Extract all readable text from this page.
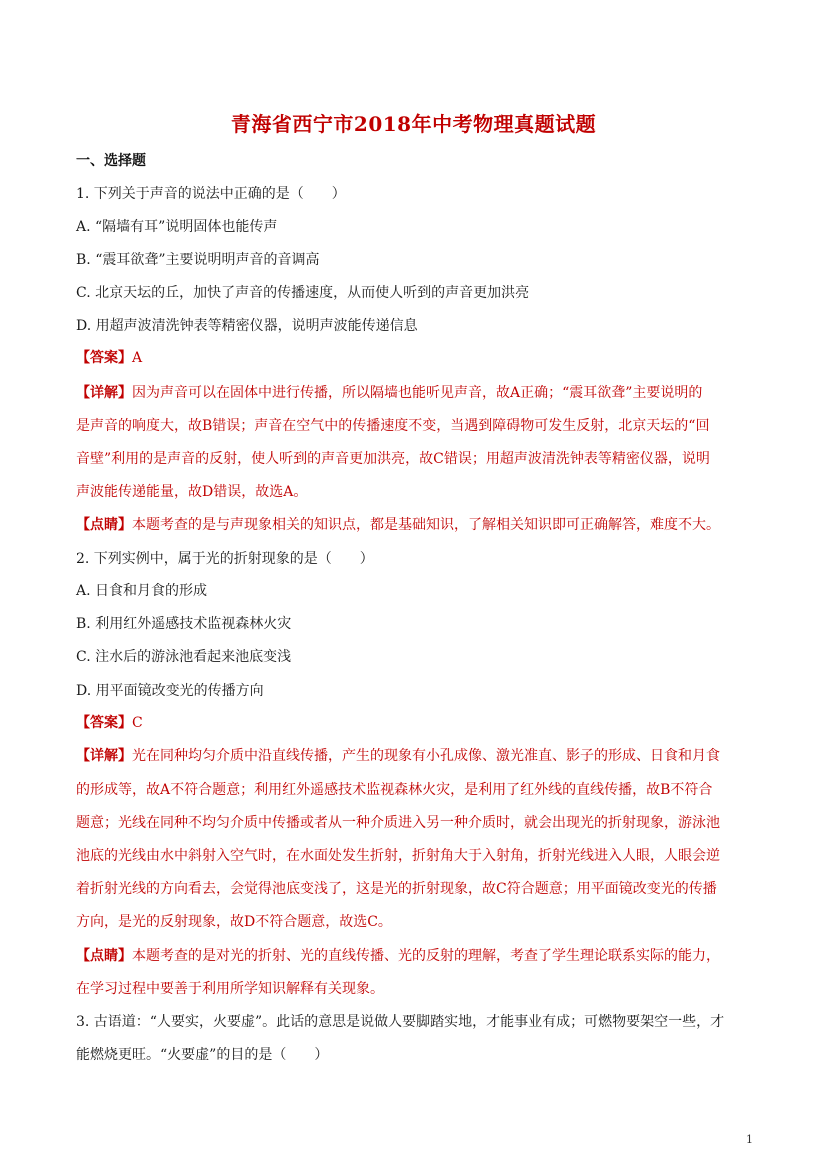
青海省西宁市2018年中考物理真题试题
一、选择题
1. 下列关于声音的说法中正确的是（　　）
A. “隔墙有耳”说明固体也能传声
B. “震耳欲聋”主要说明明声音的音调高
C. 北京天坛的丘，加快了声音的传播速度，从而使人听到的声音更加洪亮
D. 用超声波清洗钟表等精密仪器，说明声波能传递信息
【答案】A
【详解】因为声音可以在固体中进行传播，所以隔墙也能听见声音，故A正确；“震耳欲聋”主要说明的
是声音的响度大，故B错误；声音在空气中的传播速度不变，当遇到障碍物可发生反射，北京天坛的“回
音壁”利用的是声音的反射，使人听到的声音更加洪亮，故C错误；用超声波清洗钟表等精密仪器，说明
声波能传递能量，故D错误，故选A。
【点睛】本题考查的是与声现象相关的知识点，都是基础知识，了解相关知识即可正确解答，难度不大。
2. 下列实例中，属于光的折射现象的是（　　）
A. 日食和月食的形成
B. 利用红外遥感技术监视森林火灾
C. 注水后的游泳池看起来池底变浅
D. 用平面镜改变光的传播方向
【答案】C
【详解】光在同种均匀介质中沿直线传播，产生的现象有小孔成像、激光准直、影子的形成、日食和月食
的形成等，故A不符合题意；利用红外遥感技术监视森林火灾，是利用了红外线的直线传播，故B不符合
题意；光线在同种不均匀介质中传播或者从一种介质进入另一种介质时，就会出现光的折射现象，游泳池
池底的光线由水中斜射入空气时，在水面处发生折射，折射角大于入射角，折射光线进入人眼，人眼会逆
着折射光线的方向看去，会觉得池底变浅了，这是光的折射现象，故C符合题意；用平面镜改变光的传播
方向，是光的反射现象，故D不符合题意，故选C。
【点睛】本题考查的是对光的折射、光的直线传播、光的反射的理解，考查了学生理论联系实际的能力，
在学习过程中要善于利用所学知识解释有关现象。
3. 古语道：“人要实，火要虚”。此话的意思是说做人要脚踏实地，才能事业有成；可燃物要架空一些，才
能燃烧更旺。“火要虚”的目的是（　　）
1
